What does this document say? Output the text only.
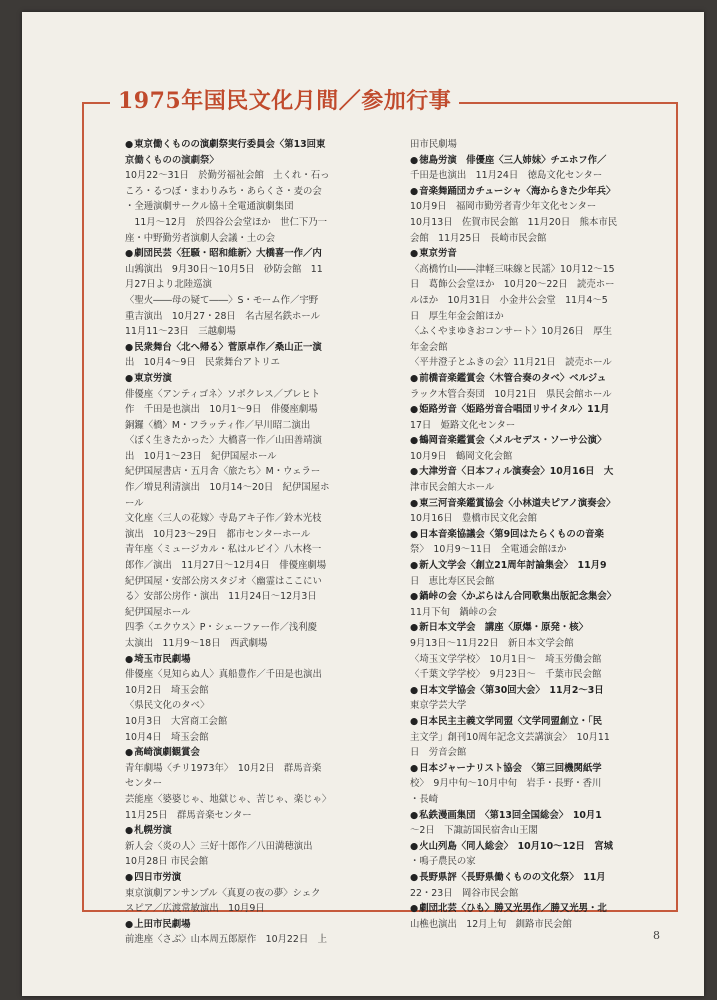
1975年国民文化月間／参加行事
● 東京働くものの演劇祭実行委員会〈第13回東
京働くものの演劇祭〉
10月22～31日　於勤労福祉会館　土くれ・石っ
ころ・るつぼ・まわりみち・あらくさ・麦の会
・全逓演劇サークル協＋全電通演劇集団
　11月～12月　於四谷公会堂ほか　世仁下乃一
座・中野勤労者演劇人会議・土の会
● 劇団民芸〈狂騒・昭和維新〉大橋喜一作／内
山鶉演出　9月30日～10月5日　砂防会館　11
月27日より北陸巡演
〈聖火――母の疑て――〉S・モーム作／宇野
重吉演出　10月27・28日　名古屋名鉄ホール
11月11～23日　三越劇場
● 民衆舞台〈北へ帰る〉菅原卓作／桑山正一演
出　10月4～9日　民衆舞台アトリエ
● 東京労演
俳優座〈アンティゴネ〉ソポクレス／ブレヒト
作　千田是也演出　10月1～9日　俳優座劇場
銅鑼〈橋〉M・フラッティ作／早川昭二演出
〈ぼく生きたかった〉大橋喜一作／山田善靖演
出　10月1～23日　紀伊国屋ホール
紀伊国屋書店・五月舎〈旅たち〉M・ウェラー
作／増見利清演出　10月14～20日　紀伊国屋ホ
ール
文化座〈三人の花嫁〉寺島アキ子作／鈴木光枝
演出　10月23～29日　都市センターホール
青年座〈ミュージカル・私はルビイ〉八木柊一
郎作／演出　11月27日～12月4日　俳優座劇場
紀伊国屋・安部公房スタジオ〈幽霊はここにい
る〉安部公房作・演出　11月24日～12月3日
紀伊国屋ホール
四季〈エクウス〉P・シェーファー作／浅利慶
太演出　11月9～18日　西武劇場
● 埼玉市民劇場
俳優座〈見知らぬ人〉真船豊作／千田是也演出
10月2日　埼玉会館
〈県民文化のタベ〉
10月3日　大宮商工会館
10月4日　埼玉会館
● 高崎演劇観賞会
青年劇場〈チリ1973年〉　10月2日　群馬音楽
センター
芸能座〈婆婆じゃ、地獄じゃ、苦じゃ、楽じゃ〉
11月25日　群馬音楽センター
● 札幌労演
新人会〈炎の人〉三好十郎作／八田満穂演出
10月28日 市民会館
● 四日市労演
東京演劇アンサンブル〈真夏の夜の夢〉シェク
スピア／広渡常敏演出　10月9日
● 上田市民劇場
前進座〈さぶ〉山本周五郎原作　10月22日　上
田市民劇場
● 徳島労演　俳優座〈三人姉妹〉チエホフ作／
千田是也演出　11月24日　徳島文化センター
● 音楽舞踊団カチューシャ〈海からきた少年兵〉
10月9日　福岡市勤労者青少年文化センター
10月13日　佐賀市民会館　11月20日　熊本市民
会館　11月25日　長崎市民会館
● 東京労音
〈高橋竹山――津軽三味線と民謡〉10月12～15
日　葛飾公会堂ほか　10月20～22日　読売ホー
ルほか　10月31日　小金井公会堂　11月4～5
日　厚生年金会館ほか
〈ふくやまゆきおコンサート〉10月26日　厚生
年金会館
〈平井澄子とふきの会〉11月21日　読売ホール
● 前橋音楽鑑賞会〈木管合奏のタベ〉ベルジュ
ラック木管合奏団　10月21日　県民会館ホール
● 姫路労音〈姫路労音合唱団リサイタル〉11月
17日　姫路文化センター
● 鶴岡音楽鑑賞会〈メルセデス・ソーサ公演〉
10月9日　鶴岡文化会館
● 大津労音〈日本フィル演奏会〉10月16日　大
津市民会館大ホール
● 東三河音楽鑑賞協会〈小林道夫ピアノ演奏会〉
10月16日　豊橋市民文化会館
● 日本音楽協議会〈第9回はたらくものの音楽
祭〉　10月9～11日　全電通会館ほか
● 新人文学会〈創立21周年討論集会〉　11月9
日　恵比寿区民会館
● 鍋峠の会〈かぶらはん合同歌集出版記念集会〉
11月下旬　鍋峠の会
● 新日本文学会　講座〈原爆・原発・核〉
9月13日～11月22日　新日本文学会館
〈埼玉文学学校〉　10月1日～　埼玉労働会館
〈千葉文学学校〉　9月23日～　千葉市民会館
● 日本文学協会〈第30回大会〉　11月2～3日
東京学芸大学
● 日本民主主義文学同盟〈文学同盟創立・「民
主文学」創刊10周年記念文芸講演会〉　10月11
日　労音会館
● 日本ジャーナリスト協会　〈第三回機関紙学
校〉　9月中旬～10月中旬　岩手・長野・香川
・長崎
● 私鉄漫画集団　〈第13回全国総会〉　10月1
～2日　下諏訪国民宿舎山王閣
● 火山列島〈同人総会〉　10月10～12日　宮城
・鳴子農民の家
● 長野県評〈長野県働くものの文化祭〉　11月
22・23日　岡谷市民会館
● 劇団北芸〈ひも〉勝又光男作／勝又光男・北
山樵也演出　12月上旬　釧路市民会館
8
